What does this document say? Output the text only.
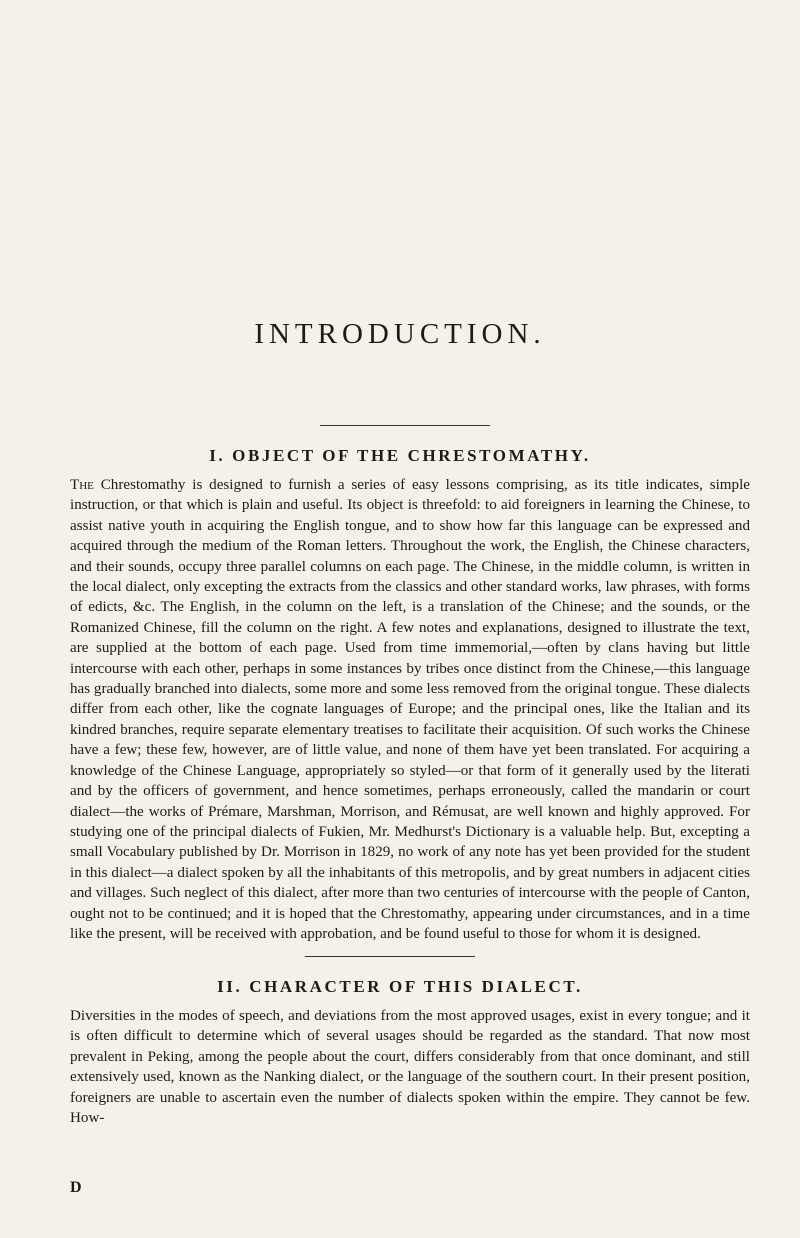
INTRODUCTION.
I. OBJECT OF THE CHRESTOMATHY.

The Chrestomathy is designed to furnish a series of easy lessons comprising, as its title indicates, simple instruction, or that which is plain and useful. Its object is threefold: to aid foreigners in learning the Chinese, to assist native youth in acquiring the English tongue, and to show how far this language can be expressed and acquired through the medium of the Roman letters. Throughout the work, the English, the Chinese characters, and their sounds, occupy three parallel columns on each page. The Chinese, in the middle column, is written in the local dialect, only excepting the extracts from the classics and other standard works, law phrases, with forms of edicts, &c. The English, in the column on the left, is a translation of the Chinese; and the sounds, or the Romanized Chinese, fill the column on the right. A few notes and explanations, designed to illustrate the text, are supplied at the bottom of each page. Used from time immemorial,—often by clans having but little intercourse with each other, perhaps in some instances by tribes once distinct from the Chinese,—this language has gradually branched into dialects, some more and some less removed from the original tongue. These dialects differ from each other, like the cognate languages of Europe; and the principal ones, like the Italian and its kindred branches, require separate elementary treatises to facilitate their acquisition. Of such works the Chinese have a few; these few, however, are of little value, and none of them have yet been translated. For acquiring a knowledge of the Chinese Language, appropriately so styled—or that form of it generally used by the literati and by the officers of government, and hence sometimes, perhaps erroneously, called the mandarin or court dialect—the works of Prémare, Marshman, Morrison, and Rémusat, are well known and highly approved. For studying one of the principal dialects of Fukien, Mr. Medhurst's Dictionary is a valuable help. But, excepting a small Vocabulary published by Dr. Morrison in 1829, no work of any note has yet been provided for the student in this dialect—a dialect spoken by all the inhabitants of this metropolis, and by great numbers in adjacent cities and villages. Such neglect of this dialect, after more than two centuries of intercourse with the people of Canton, ought not to be continued; and it is hoped that the Chrestomathy, appearing under circumstances, and in a time like the present, will be received with approbation, and be found useful to those for whom it is designed.

II. CHARACTER OF THIS DIALECT.

Diversities in the modes of speech, and deviations from the most approved usages, exist in every tongue; and it is often difficult to determine which of several usages should be regarded as the standard. That now most prevalent in Peking, among the people about the court, differs considerably from that once dominant, and still extensively used, known as the Nanking dialect, or the language of the southern court. In their present position, foreigners are unable to ascertain even the number of dialects spoken within the empire. They cannot be few. How-

D
